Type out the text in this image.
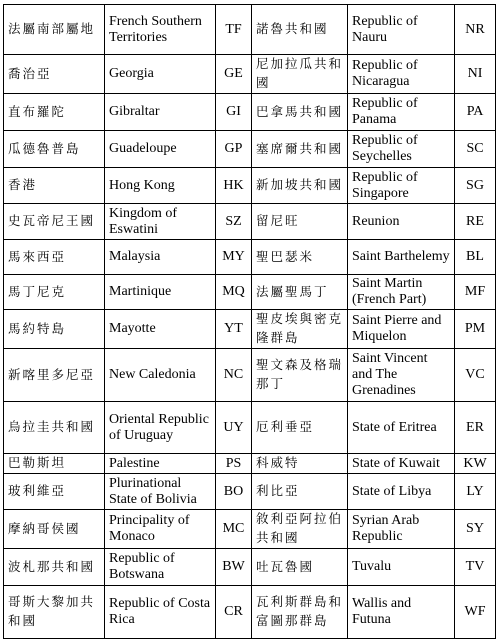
法屬南部屬地	French Southern Territories	TF	諾魯共和國	Republic of Nauru	NR
喬治亞	Georgia	GE	尼加拉瓜共和國	Republic of Nicaragua	NI
直布羅陀	Gibraltar	GI	巴拿馬共和國	Republic of Panama	PA
瓜德魯普島	Guadeloupe	GP	塞席爾共和國	Republic of Seychelles	SC
香港	Hong Kong	HK	新加坡共和國	Republic of Singapore	SG
史瓦帝尼王國	Kingdom of Eswatini	SZ	留尼旺	Reunion	RE
馬來西亞	Malaysia	MY	聖巴瑟米	Saint Barthelemy	BL
馬丁尼克	Martinique	MQ	法屬聖馬丁	Saint Martin (French Part)	MF
馬約特島	Mayotte	YT	聖皮埃與密克隆群島	Saint Pierre and Miquelon	PM
新喀里多尼亞	New Caledonia	NC	聖文森及格瑞那丁	Saint Vincent and The Grenadines	VC
烏拉圭共和國	Oriental Republic of Uruguay	UY	厄利垂亞	State of Eritrea	ER
巴勒斯坦	Palestine	PS	科威特	State of Kuwait	KW
玻利維亞	Plurinational State of Bolivia	BO	利比亞	State of Libya	LY
摩納哥侯國	Principality of Monaco	MC	敘利亞阿拉伯共和國	Syrian Arab Republic	SY
波札那共和國	Republic of Botswana	BW	吐瓦魯國	Tuvalu	TV
哥斯大黎加共和國	Republic of Costa Rica	CR	瓦利斯群島和富圖那群島	Wallis and Futuna	WF
